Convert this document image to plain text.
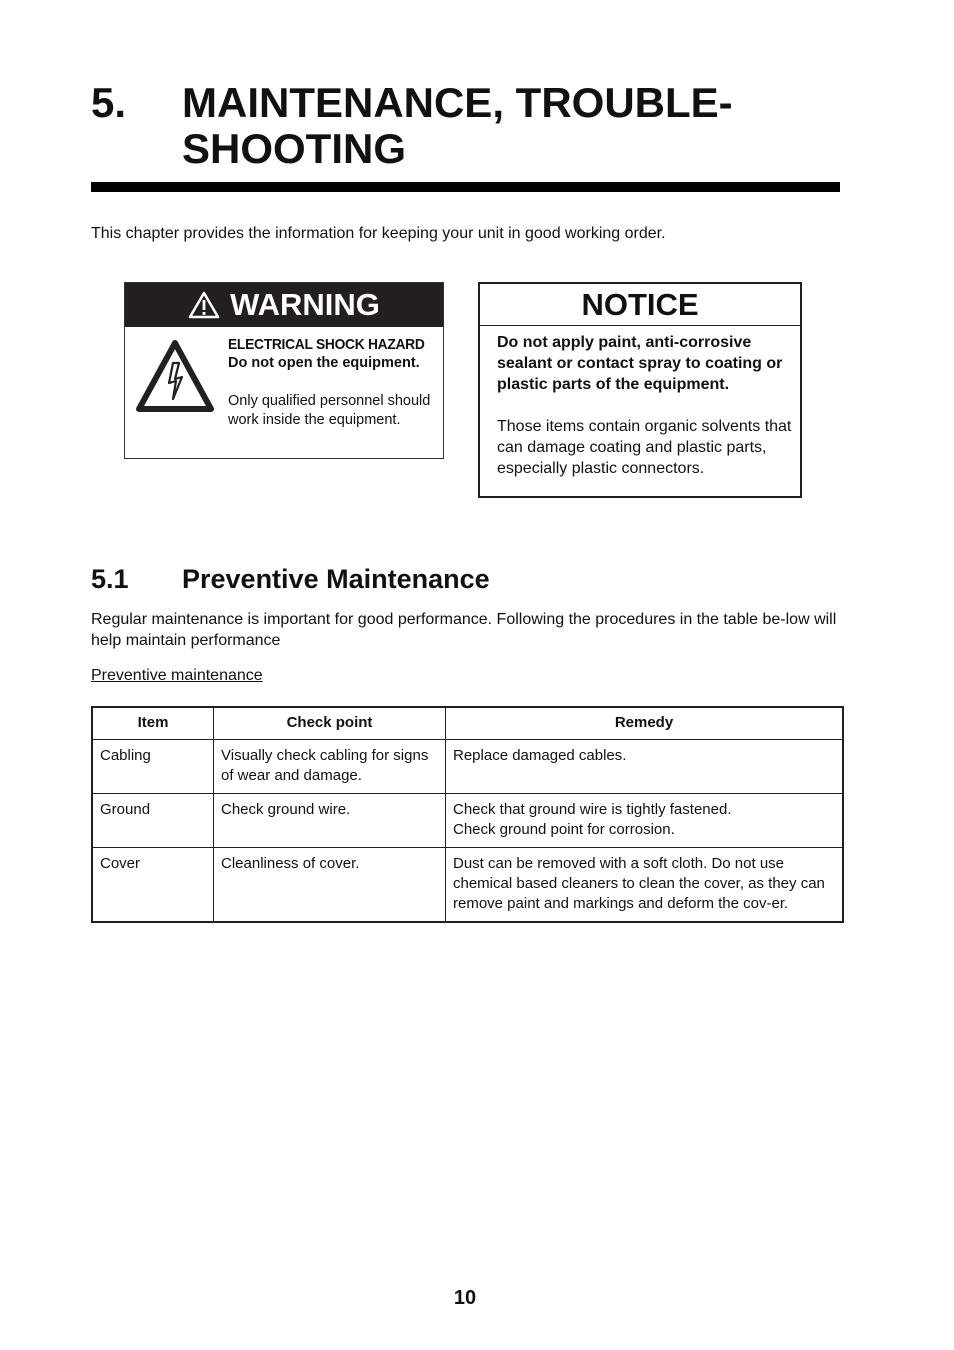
5. MAINTENANCE, TROUBLE-
SHOOTING
This chapter provides the information for keeping your unit in good working order.
WARNING
ELECTRICAL SHOCK HAZARD
Do not open the equipment.
Only qualified personnel should work inside the equipment.
NOTICE
Do not apply paint, anti-corrosive sealant or contact spray to coating or plastic parts of the equipment.
Those items contain organic solvents that can damage coating and plastic parts, especially plastic connectors.
5.1 Preventive Maintenance
Regular maintenance is important for good performance. Following the procedures in the table be-low will help maintain performance
Preventive maintenance
Item	Check point	Remedy
Cabling	Visually check cabling for signs of wear and damage.	Replace damaged cables.

Ground	Check ground wire.	Check that ground wire is tightly fastened.
Check ground point for corrosion.

Cover	Cleanliness of cover.	Dust can be removed with a soft cloth. Do not use chemical based cleaners to clean the cover, as they can remove paint and markings and deform the cov-er.
10
